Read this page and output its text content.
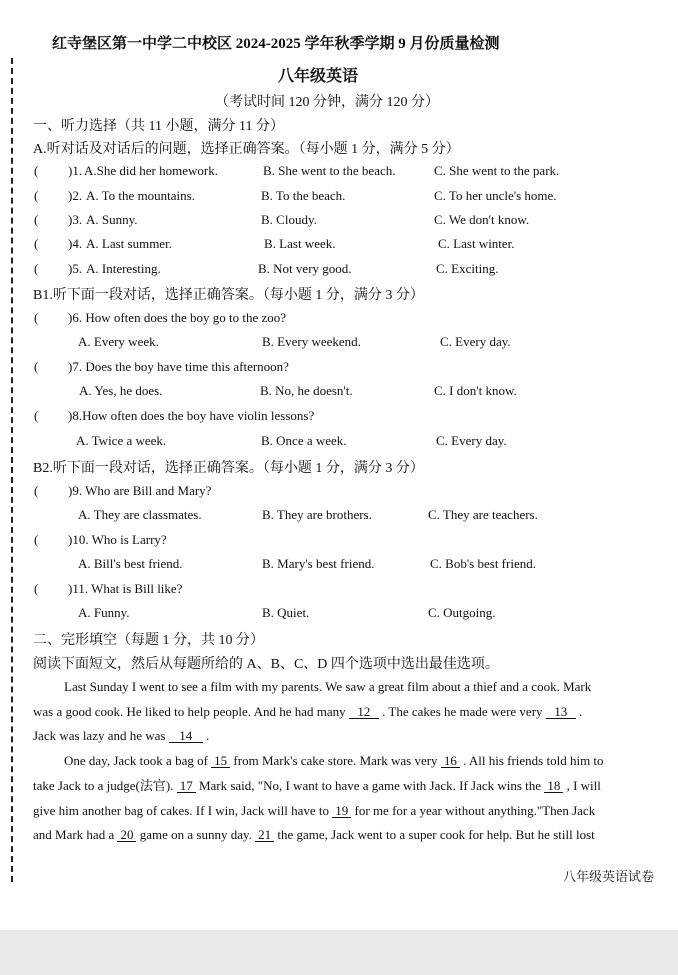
红寺堡区第一中学二中校区 2024-2025 学年秋季学期 9 月份质量检测
八年级英语
（考试时间 120 分钟，满分 120 分）
一、听力选择（共 11 小题，满分 11 分）
A.听对话及对话后的问题，选择正确答案。（每小题 1 分，满分 5 分）
( )1. A.She did her homework.	B. She went to the beach.	C. She went to the park.
( )2. A. To the mountains.	B. To the beach.	C. To her uncle's home.
( )3. A. Sunny.	B. Cloudy.	C. We don't know.
( )4. A. Last summer.	B. Last week.	C. Last winter.
( )5. A. Interesting.	B. Not very good.	C. Exciting.
B1.听下面一段对话，选择正确答案。（每小题 1 分，满分 3 分）
( )6. How often does the boy go to the zoo?
A. Every week.	B. Every weekend.	C. Every day.
( )7. Does the boy have time this afternoon?
A. Yes, he does.	B. No, he doesn't.	C. I don't know.
( )8.How often does the boy have violin lessons?
A. Twice a week.	B. Once a week.	C. Every day.
B2.听下面一段对话，选择正确答案。（每小题 1 分，满分 3 分）
( )9. Who are Bill and Mary?
A. They are classmates.	B. They are brothers.	C. They are teachers.
( )10. Who is Larry?
A. Bill's best friend.	B. Mary's best friend.	C. Bob's best friend.
( )11. What is Bill like?
A. Funny.	B. Quiet.	C. Outgoing.
二、完形填空（每题 1 分，共 10 分）
阅读下面短文，然后从每题所给的 A、B、C、D 四个选项中选出最佳选项。
Last Sunday I went to see a film with my parents. We saw a great film about a thief and a cook. Mark
was a good cook. He liked to help people. And he had many 12 . The cakes he made were very 13 .
Jack was lazy and he was 14 .
One day, Jack took a bag of 15 from Mark's cake store. Mark was very 16 . All his friends told him to
take Jack to a judge(法官). 17 Mark said, "No, I want to have a game with Jack. If Jack wins the 18 , I will
give him another bag of cakes. If I win, Jack will have to 19 for me for a year without anything."Then Jack
and Mark had a 20 game on a sunny day. 21 the game, Jack went to a super cook for help. But he still lost
八年级英语试卷
